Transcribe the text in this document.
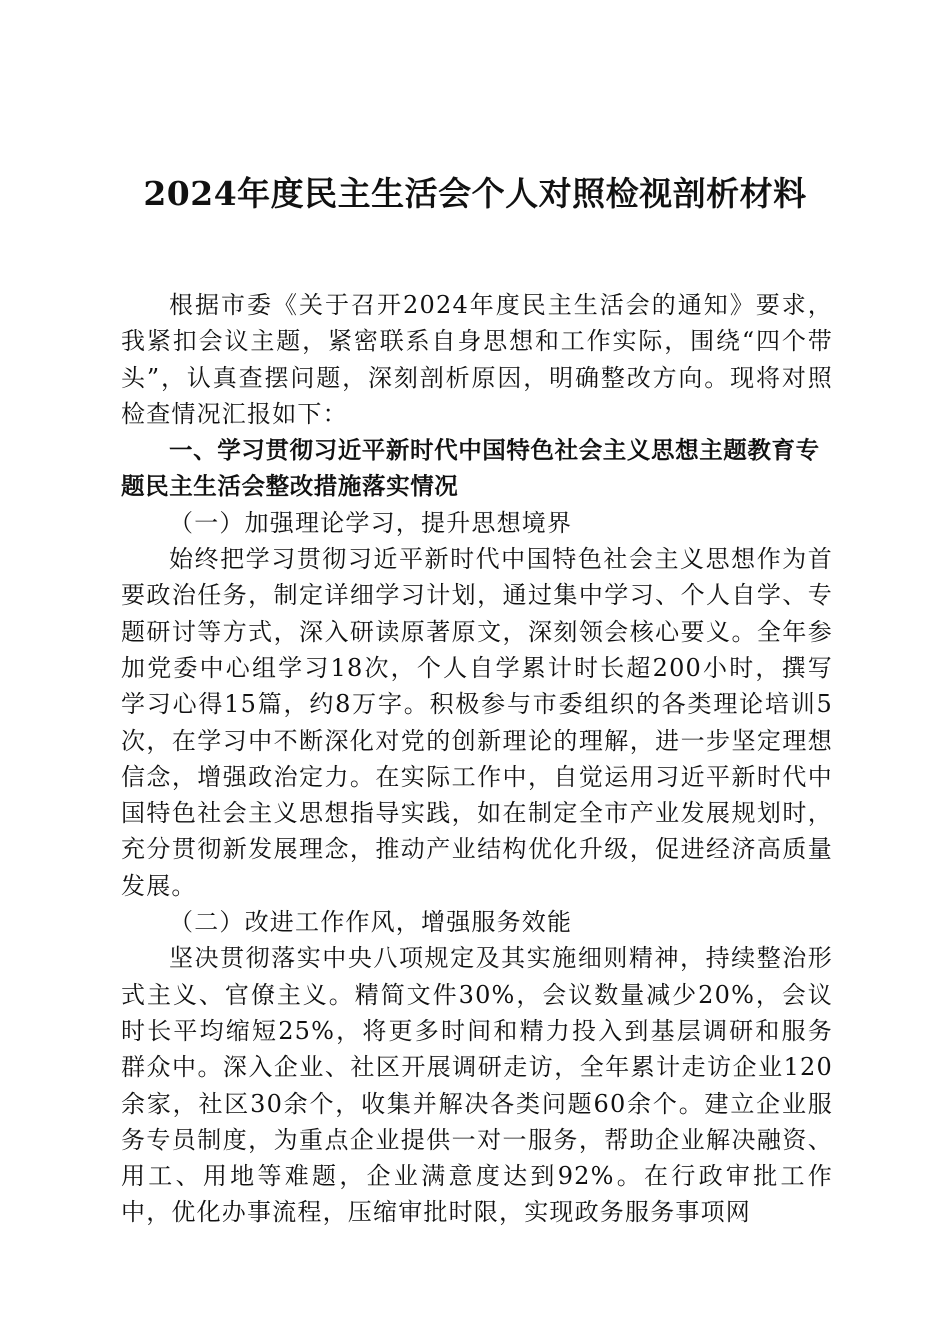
2024年度民主生活会个人对照检视剖析材料

根据市委《关于召开2024年度民主生活会的通知》要求，我紧扣会议主题，紧密联系自身思想和工作实际，围绕“四个带头”，认真查摆问题，深刻剖析原因，明确整改方向。现将对照检查情况汇报如下：

一、学习贯彻习近平新时代中国特色社会主义思想主题教育专题民主生活会整改措施落实情况

（一）加强理论学习，提升思想境界

始终把学习贯彻习近平新时代中国特色社会主义思想作为首要政治任务，制定详细学习计划，通过集中学习、个人自学、专题研讨等方式，深入研读原著原文，深刻领会核心要义。全年参加党委中心组学习18次，个人自学累计时长超200小时，撰写学习心得15篇，约8万字。积极参与市委组织的各类理论培训5次，在学习中不断深化对党的创新理论的理解，进一步坚定理想信念，增强政治定力。在实际工作中，自觉运用习近平新时代中国特色社会主义思想指导实践，如在制定全市产业发展规划时，充分贯彻新发展理念，推动产业结构优化升级，促进经济高质量发展。

（二）改进工作作风，增强服务效能

坚决贯彻落实中央八项规定及其实施细则精神，持续整治形式主义、官僚主义。精简文件30%，会议数量减少20%，会议时长平均缩短25%，将更多时间和精力投入到基层调研和服务群众中。深入企业、社区开展调研走访，全年累计走访企业120余家，社区30余个，收集并解决各类问题60余个。建立企业服务专员制度，为重点企业提供一对一服务，帮助企业解决融资、用工、用地等难题，企业满意度达到92%。在行政审批工作中，优化办事流程，压缩审批时限，实现政务服务事项网
